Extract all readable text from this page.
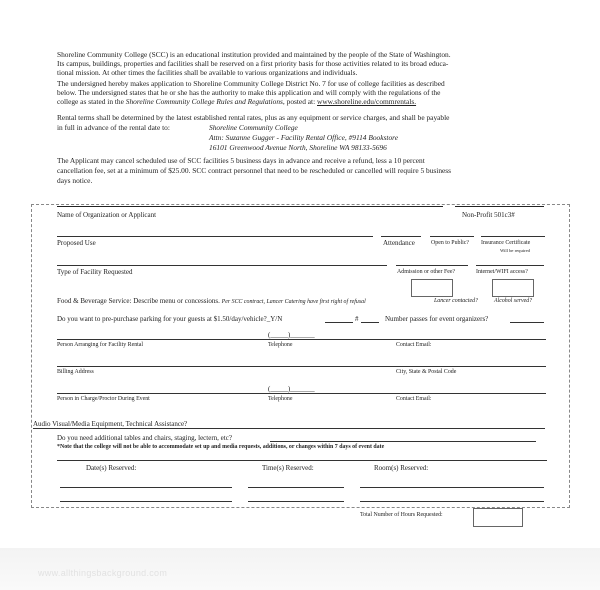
www.allthingsbackground.com
Shoreline Community College (SCC) is an educational institution provided and maintained by the people of the State of Washington.
Its campus, buildings, properties and facilities shall be reserved on a first priority basis for those activities related to its broad educa-
tional mission. At other times the facilities shall be available to various organizations and individuals.
The undersigned hereby makes application to Shoreline Community College District No. 7 for use of college facilities as described
below. The undersigned states that he or she has the authority to make this application and will comply with the regulations of the
college as stated in the Shoreline Community College Rules and Regulations, posted at: www.shoreline.edu/commrentals.
Rental terms shall be determined by the latest established rental rates, plus as any equipment or service charges, and shall be payable
in full in advance of the rental date to:	Shoreline Community College
Attn: Suzanne Gugger - Facility Rental Office, #9114 Bookstore
16101 Greenwood Avenue North, Shoreline WA 98133-5696
The Applicant may cancel scheduled use of SCC facilities 5 business days in advance and receive a refund, less a 10 percent
cancellation fee, set at a minimum of $25.00. SCC contract personnel that need to be rescheduled or cancelled will require 5 business
days notice.
Name of Organization or Applicant	Non-Profit 501c3#
Proposed Use	Attendance	Open to Public? Insurance Certificate
Will be required
Type of Facility Requested	Admission or other Fee?	Internet/WIFI access?
Food & Beverage Service: Describe menu or concessions. Per SCC contract, Lancer Catering have first right of refusal	Lancer contacted?	Alcohol served?
Do you want to pre-purchase parking for your guests at $1.50/day/vehicle?_Y/N	#	Number passes for event organizers?
(_____)_______
Person Arranging for Facility Rental	Telephone	Contact Email:
Billing Address	City, State & Postal Code
(_____)_______
Person in Charge/Proctor During Event	Telephone	Contact Email:
Audio Visual/Media Equipment, Technical Assistance?
Do you need additional tables and chairs, staging, lectern, etc?
*Note that the college will not be able to accommodate set up and media requests, additions, or changes within 7 days of event date
Date(s) Reserved:	Time(s) Reserved:	Room(s) Reserved:
Total Number of Hours Requested:
